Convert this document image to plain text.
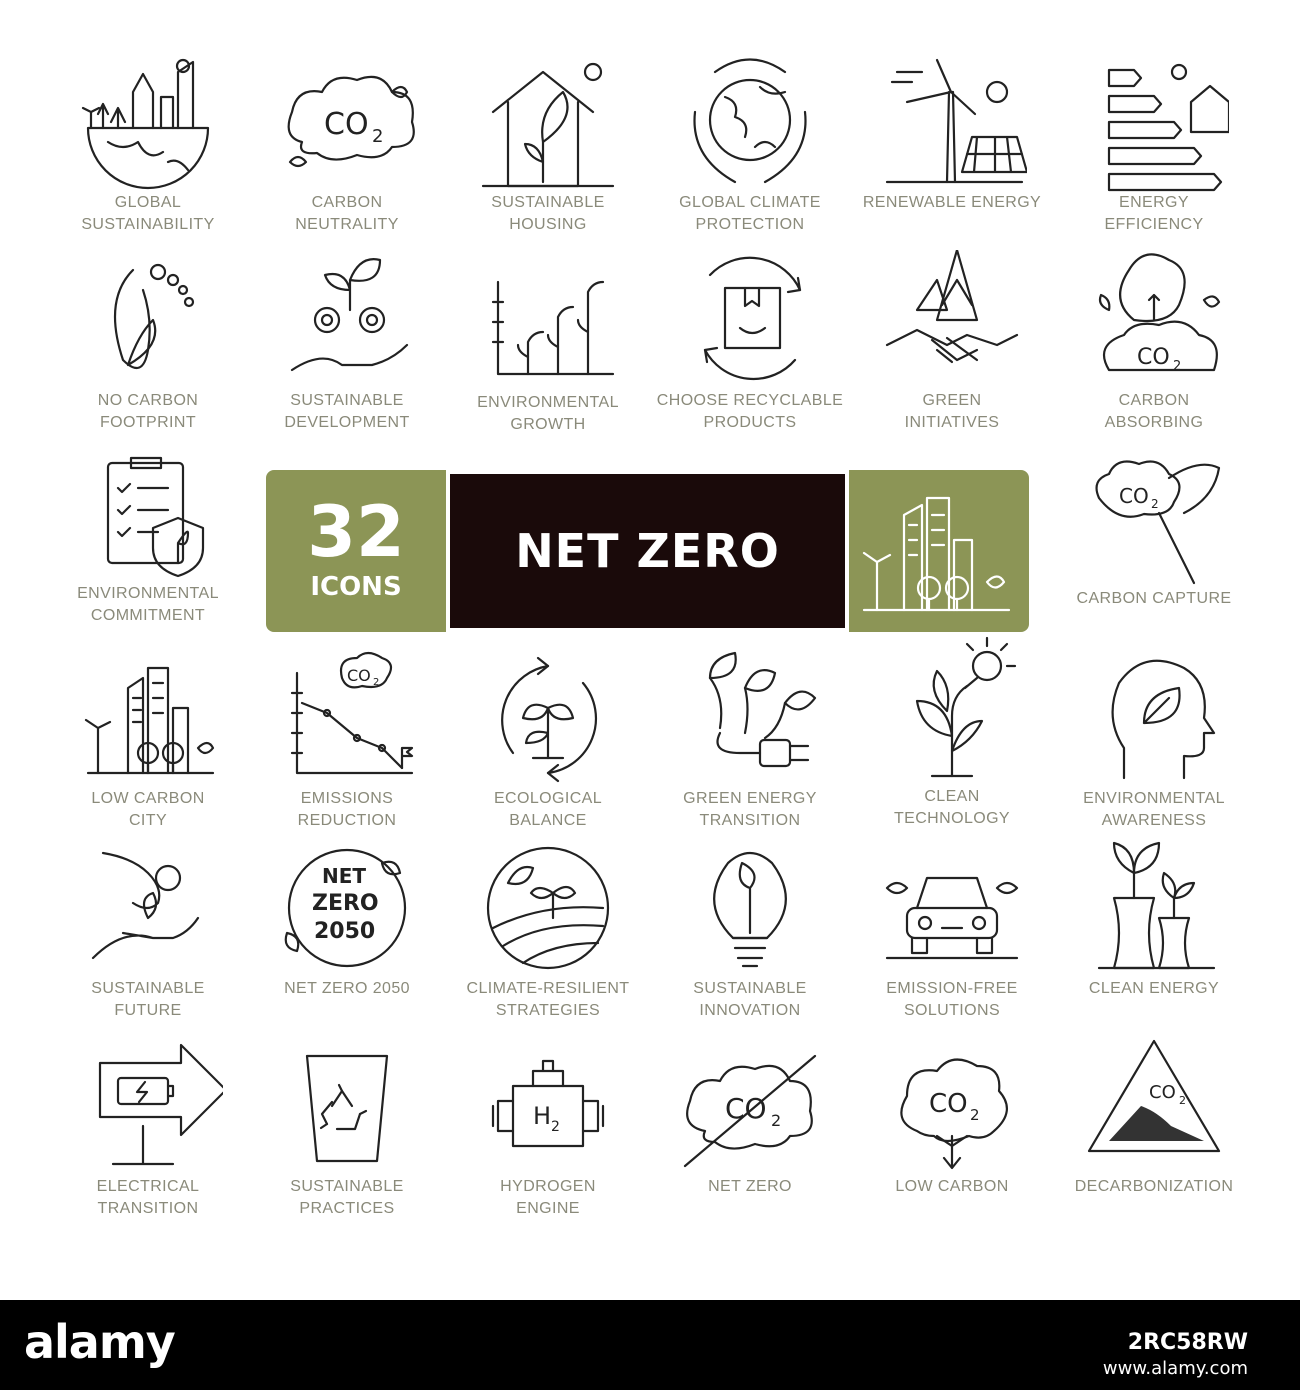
GLOBAL
SUSTAINABILITY
CO 2
CARBON
NEUTRALITY
SUSTAINABLE
HOUSING
GLOBAL CLIMATE
PROTECTION
RENEWABLE ENERGY	ENERGY
EFFICIENCY
NO CARBON
FOOTPRINT
SUSTAINABLE
DEVELOPMENT
ENVIRONMENTAL
GROWTH
CHOOSE RECYCLABLE
PRODUCTS
GREEN
INITIATIVES
CO 2
CARBON
ABSORBING
ENVIRONMENTAL
COMMITMENT
CO 2
CARBON CAPTURE
LOW CARBON
CITY
CO 2
EMISSIONS
REDUCTION
ECOLOGICAL
BALANCE
GREEN ENERGY
TRANSITION
CLEAN
TECHNOLOGY
ENVIRONMENTAL
AWARENESS
SUSTAINABLE
FUTURE
NET
ZERO
2050
NET ZERO 2050	CLIMATE-RESILIENT
STRATEGIES
SUSTAINABLE
INNOVATION
EMISSION-FREE
SOLUTIONS
CLEAN ENERGY
ELECTRICAL
TRANSITION
SUSTAINABLE
PRACTICES
H 2
HYDROGEN
ENGINE
CO 2
NET ZERO
CO 2
LOW CARBON
CO 2
DECARBONIZATION
32
ICONS
NET ZERO
alamy	2RC58RW
www.alamy.com
